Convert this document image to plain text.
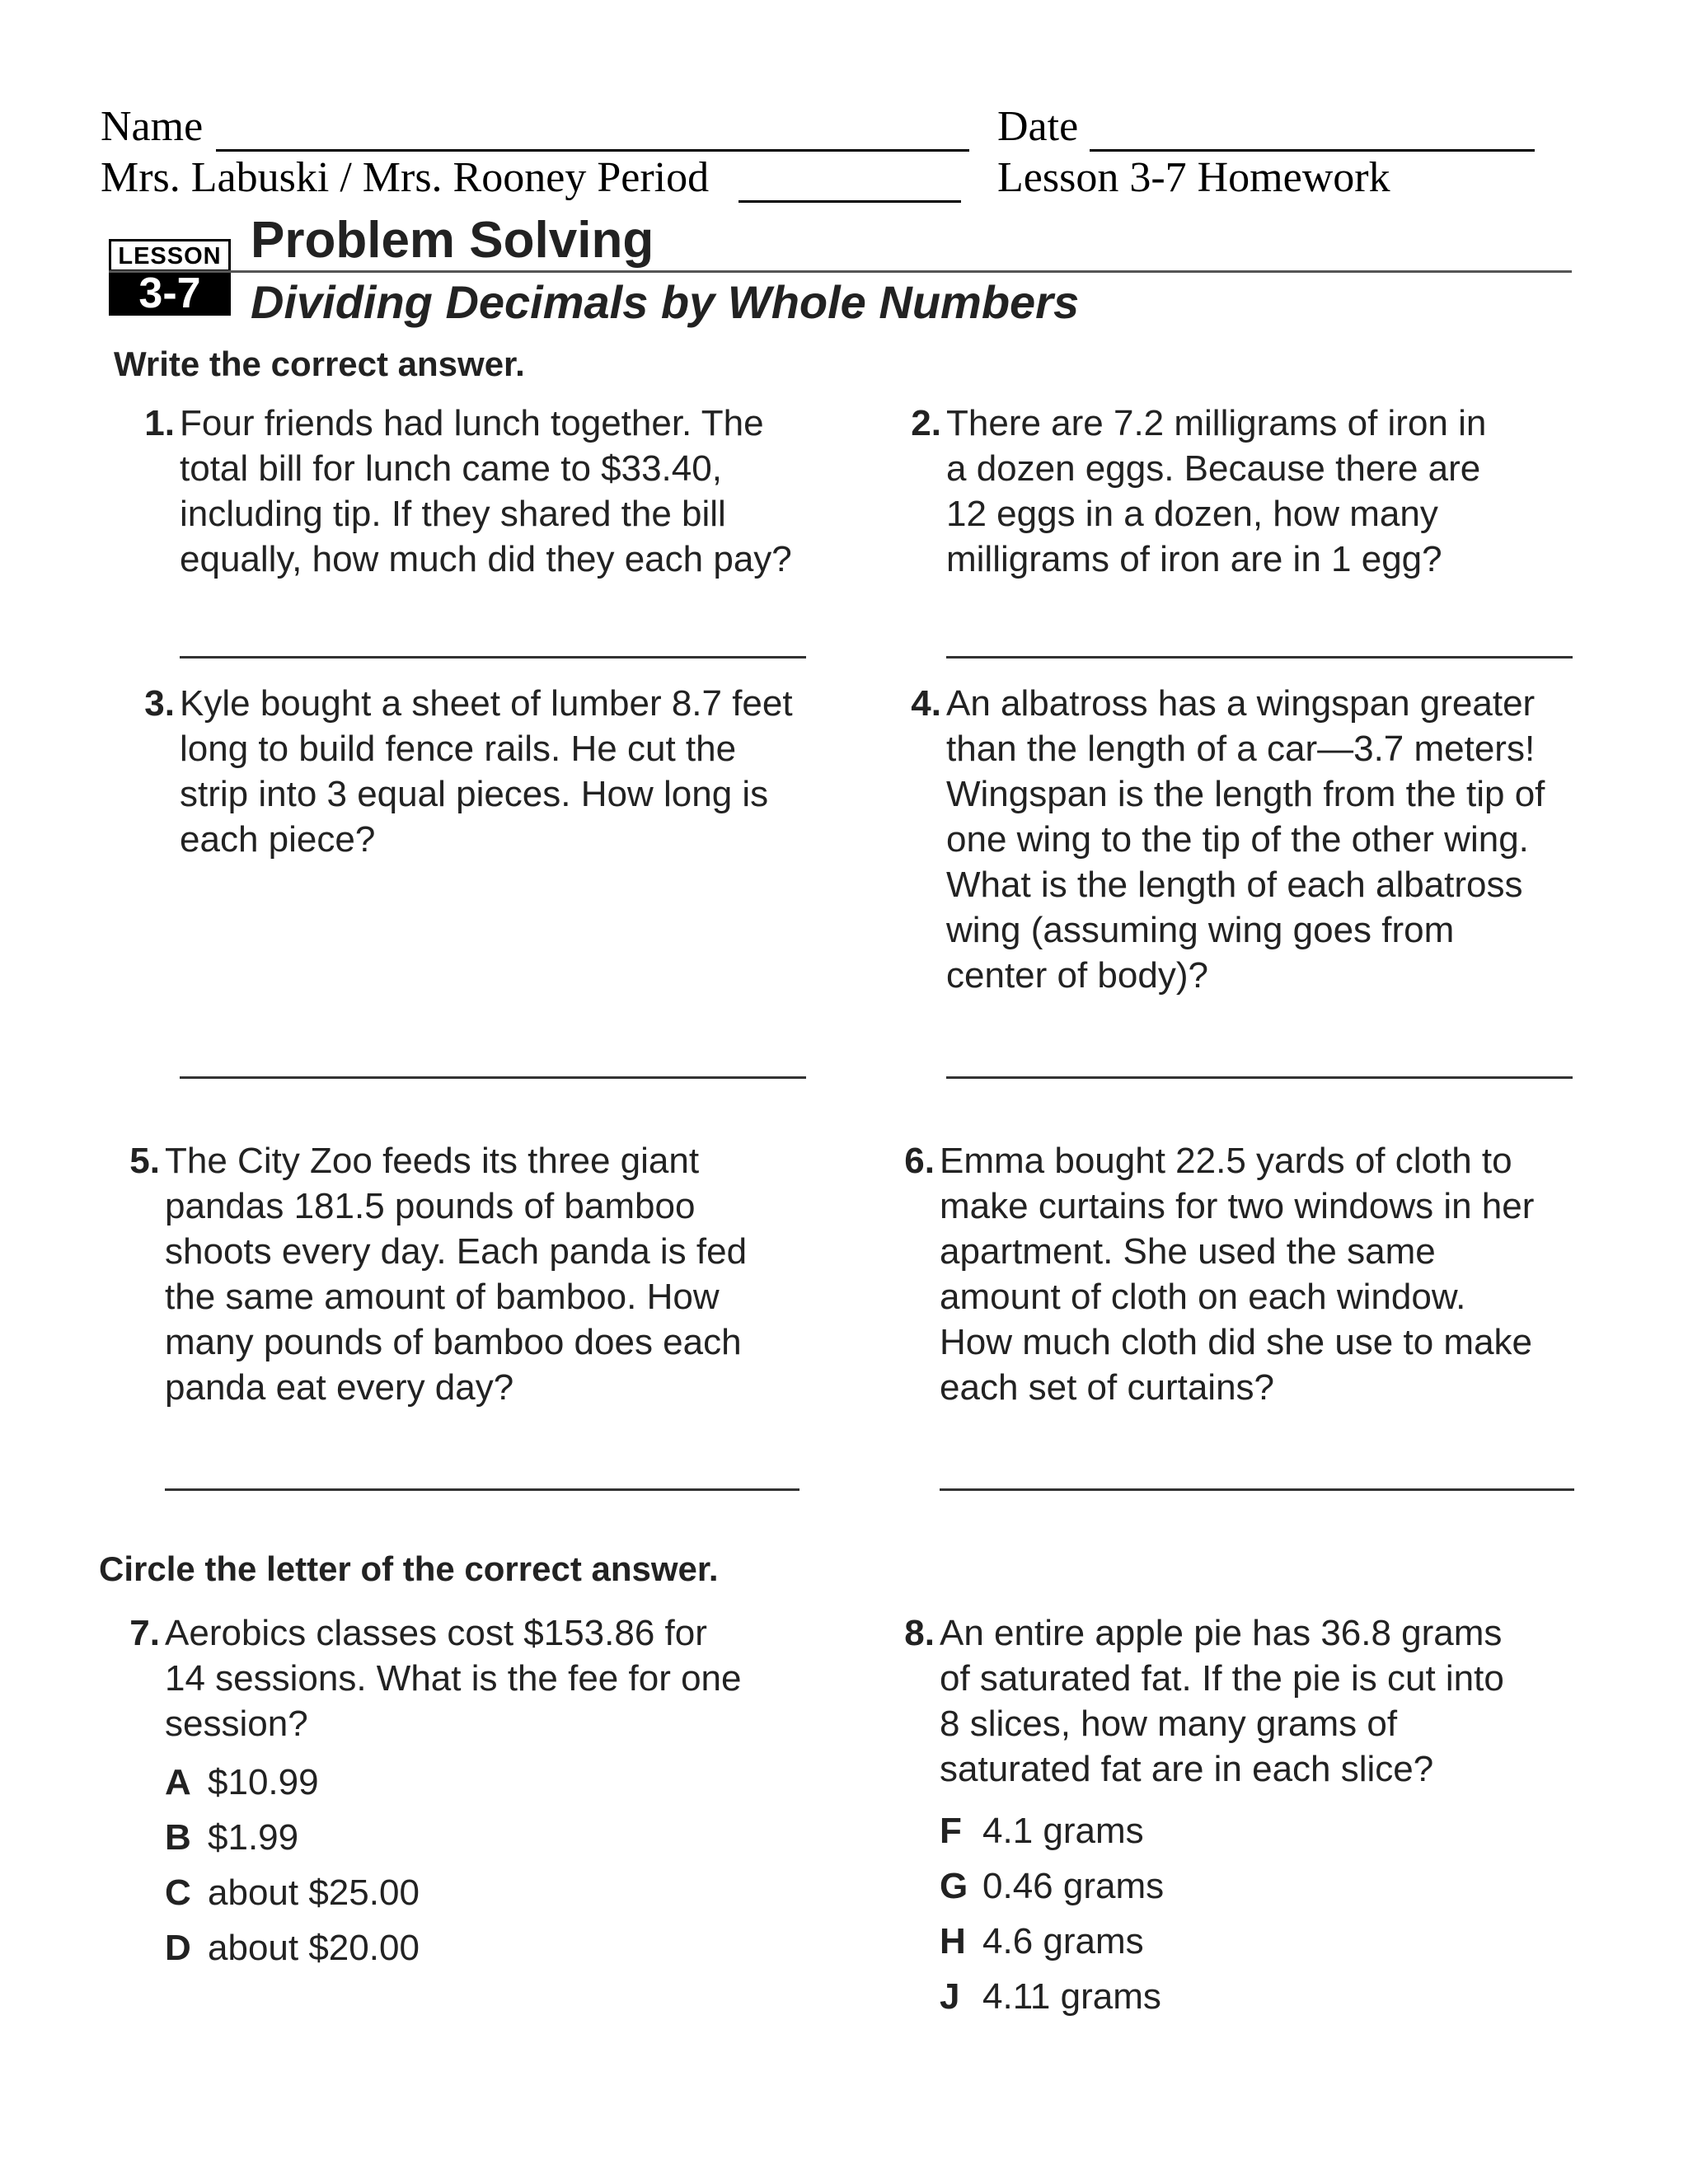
Name	Date
Mrs. Labuski / Mrs. Rooney Period	Lesson 3-7 Homework
LESSON
3-7
Problem Solving
Dividing Decimals by Whole Numbers
Write the correct answer.
1. Four friends had lunch together. The
total bill for lunch came to $33.40,
including tip. If they shared the bill
equally, how much did they each pay?
2. There are 7.2 milligrams of iron in
a dozen eggs. Because there are
12 eggs in a dozen, how many
milligrams of iron are in 1 egg?
3. Kyle bought a sheet of lumber 8.7 feet
long to build fence rails. He cut the
strip into 3 equal pieces. How long is
each piece?
4. An albatross has a wingspan greater
than the length of a car—3.7 meters!
Wingspan is the length from the tip of
one wing to the tip of the other wing.
What is the length of each albatross
wing (assuming wing goes from
center of body)?
5. The City Zoo feeds its three giant
pandas 181.5 pounds of bamboo
shoots every day. Each panda is fed
the same amount of bamboo. How
many pounds of bamboo does each
panda eat every day?
6. Emma bought 22.5 yards of cloth to
make curtains for two windows in her
apartment. She used the same
amount of cloth on each window.
How much cloth did she use to make
each set of curtains?
Circle the letter of the correct answer.
7. Aerobics classes cost $153.86 for
14 sessions. What is the fee for one
session?
A $10.99
B $1.99
C about $25.00
D about $20.00
8. An entire apple pie has 36.8 grams
of saturated fat. If the pie is cut into
8 slices, how many grams of
saturated fat are in each slice?
F 4.1 grams
G 0.46 grams
H 4.6 grams
J 4.11 grams
